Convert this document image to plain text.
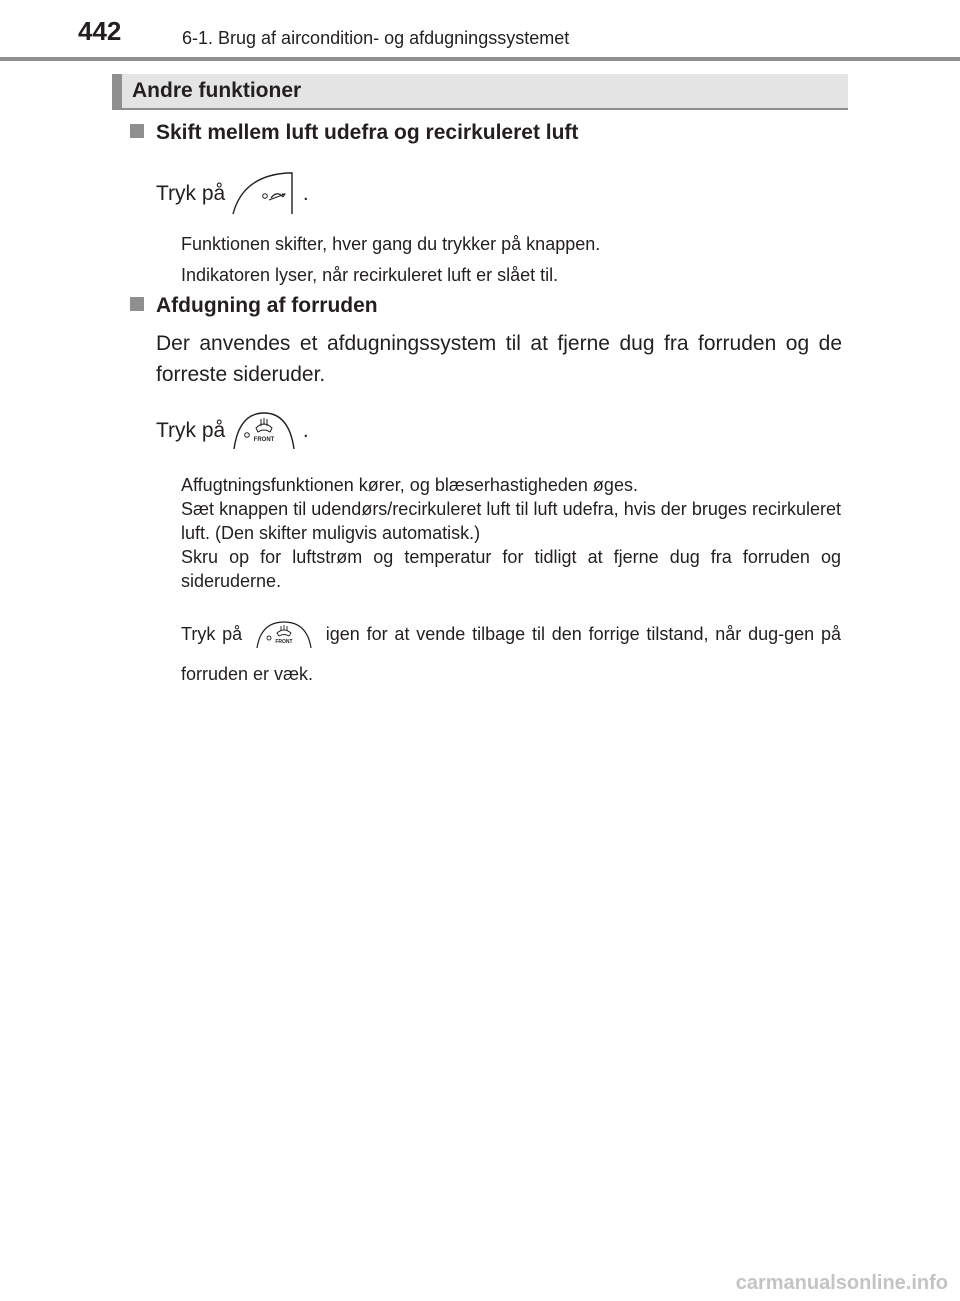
442	6-1. Brug af aircondition- og afdugningssystemet
Andre funktioner
Skift mellem luft udefra og recirkuleret luft
Tryk på	.
Funktionen skifter, hver gang du trykker på knappen.
Indikatoren lyser, når recirkuleret luft er slået til.
Afdugning af forruden
Der anvendes et afdugningssystem til at fjerne dug fra forruden og de forreste sideruder.
Tryk på	FRONT .
Affugtningsfunktionen kører, og blæserhastigheden øges.
Sæt knappen til udendørs/recirkuleret luft til luft udefra, hvis der bruges recirkuleret luft. (Den skifter muligvis automatisk.)
Skru op for luftstrøm og temperatur for tidligt at fjerne dug fra forruden og sideruderne.
Tryk på	FRONT igen for at vende tilbage til den forrige tilstand, når dug-gen på forruden er væk.
carmanualsonline.info
